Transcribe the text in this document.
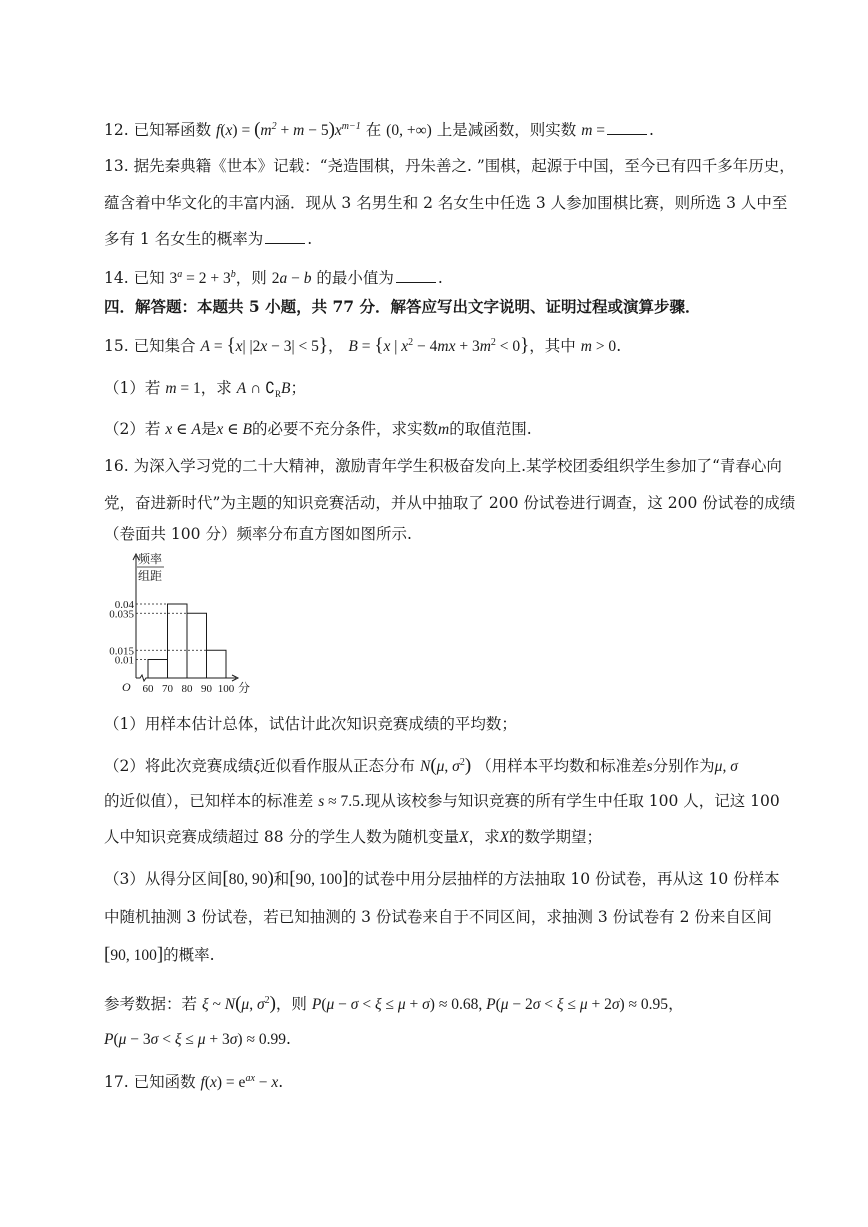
12. 已知幂函数 $f(x) = (m^2 + m - 5)x^{m-1}$ 在 (0, +∞) 上是减函数，则实数 m =	.
13. 据先秦典籍《世本》记载：“尧造围棋，丹朱善之. ”围棋，起源于中国，至今已有四千多年历史，
蕴含着中华文化的丰富内涵．现从 3 名男生和 2 名女生中任选 3 人参加围棋比赛，则所选 3 人中至
多有 1 名女生的概率为	.
14. 已知 $3^a = 2 + 3^b$，则 2a − b 的最小值为	.
四．解答题：本题共 5 小题，共 77 分．解答应写出文字说明、证明过程或演算步骤．
15. 已知集合 A = {x| |2x − 3| < 5}， B = {x | $x^2 - 4mx + 3m^2 < 0$}，其中 m > 0.
（1）若 m = 1，求 A ∩ $∁_RB$；
（2）若 x ∈ A是x ∈ B的必要不充分条件，求实数m的取值范围.
16. 为深入学习党的二十大精神，激励青年学生积极奋发向上.某学校团委组织学生参加了“青春心向
党，奋进新时代”为主题的知识竞赛活动，并从中抽取了 200 份试卷进行调查，这 200 份试卷的成绩
（卷面共 100 分）频率分布直方图如图所示.
频率
组距
0.01
0.015
0.035
0.04
60 70 80 90 100
O	分
（1）用样本估计总体，试估计此次知识竞赛成绩的平均数；
（2）将此次竞赛成绩ξ近似看作服从正态分布 N(μ, $\sigma^2$) （用样本平均数和标准差s分别作为μ, σ
的近似值），已知样本的标准差 s ≈ 7.5.现从该校参与知识竞赛的所有学生中任取 100 人，记这 100
人中知识竞赛成绩超过 88 分的学生人数为随机变量X，求X的数学期望；
（3）从得分区间[80, 90)和[90, 100]的试卷中用分层抽样的方法抽取 10 份试卷，再从这 10 份样本
中随机抽测 3 份试卷，若已知抽测的 3 份试卷来自于不同区间，求抽测 3 份试卷有 2 份来自区间
[90, 100]的概率.
参考数据：若 ξ ~ N(μ, $\sigma^2$)，则 P(μ − σ < ξ ≤ μ + σ) ≈ 0.68, P(μ − 2σ < ξ ≤ μ + 2σ) ≈ 0.95，
P(μ − 3σ < ξ ≤ μ + 3σ) ≈ 0.99.
17. 已知函数 $f(x) = e^{ax} - x$.
